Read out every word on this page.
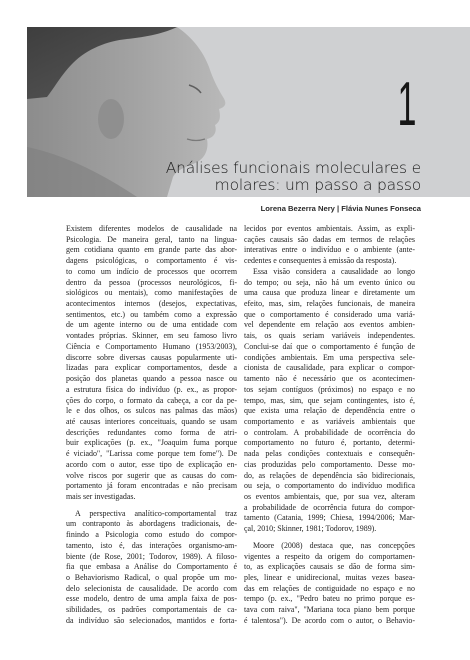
1
Análises funcionais moleculares e
molares: um passo a passo
Lorena Bezerra Nery | Flávia Nunes Fonseca
Existem diferentes modelos de causalidade na
Psicologia. De maneira geral, tanto na lingua-
gem cotidiana quanto em grande parte das abor-
dagens psicológicas, o comportamento é vis-
to como um indício de processos que ocorrem
dentro da pessoa (processos neurológicos, fi-
siológicos ou mentais), como manifestações de
acontecimentos internos (desejos, expectativas,
sentimentos, etc.) ou também como a expressão
de um agente interno ou de uma entidade com
vontades próprias. Skinner, em seu famoso livro
Ciência e Comportamento Humano (1953/2003),
discorre sobre diversas causas popularmente uti-
lizadas para explicar comportamentos, desde a
posição dos planetas quando a pessoa nasce ou
a estrutura física do indivíduo (p. ex., as propor-
ções do corpo, o formato da cabeça, a cor da pe-
le e dos olhos, os sulcos nas palmas das mãos)
até causas interiores conceituais, quando se usam
descrições redundantes como forma de atri-
buir explicações (p. ex., "Joaquim fuma porque
é viciado", "Larissa come porque tem fome"). De
acordo com o autor, esse tipo de explicação en-
volve riscos por sugerir que as causas do com-
portamento já foram encontradas e não precisam
mais ser investigadas.
A perspectiva analítico-comportamental traz
um contraponto às abordagens tradicionais, de-
finindo a Psicologia como estudo do compor-
tamento, isto é, das interações organismo-am-
biente (de Rose, 2001; Todorov, 1989). A filoso-
fia que embasa a Análise do Comportamento é
o Behaviorismo Radical, o qual propõe um mo-
delo selecionista de causalidade. De acordo com
esse modelo, dentro de uma ampla faixa de pos-
sibilidades, os padrões comportamentais de ca-
da indivíduo são selecionados, mantidos e forta-
lecidos por eventos ambientais. Assim, as expli-
cações causais são dadas em termos de relações
interativas entre o indivíduo e o ambiente (ante-
cedentes e consequentes à emissão da resposta).
Essa visão considera a causalidade ao longo
do tempo; ou seja, não há um evento único ou
uma causa que produza linear e diretamente um
efeito, mas, sim, relações funcionais, de maneira
que o comportamento é considerado uma variá-
vel dependente em relação aos eventos ambien-
tais, os quais seriam variáveis independentes.
Conclui-se daí que o comportamento é função de
condições ambientais. Em uma perspectiva sele-
cionista de causalidade, para explicar o compor-
tamento não é necessário que os acontecimen-
tos sejam contíguos (próximos) no espaço e no
tempo, mas, sim, que sejam contingentes, isto é,
que exista uma relação de dependência entre o
comportamento e as variáveis ambientais que
o controlam. A probabilidade de ocorrência do
comportamento no futuro é, portanto, determi-
nada pelas condições contextuais e consequên-
cias produzidas pelo comportamento. Desse mo-
do, as relações de dependência são bidirecionais,
ou seja, o comportamento do indivíduo modifica
os eventos ambientais, que, por sua vez, alteram
a probabilidade de ocorrência futura do compor-
tamento (Catania, 1999; Chiesa, 1994/2006; Mar-
çal, 2010; Skinner, 1981; Todorov, 1989).
Moore (2008) destaca que, nas concepções
vigentes a respeito da origem do comportamen-
to, as explicações causais se dão de forma sim-
ples, linear e unidirecional, muitas vezes basea-
das em relações de contiguidade no espaço e no
tempo (p. ex., "Pedro bateu no primo porque es-
tava com raiva", "Mariana toca piano bem porque
é talentosa"). De acordo com o autor, o Behavio-
